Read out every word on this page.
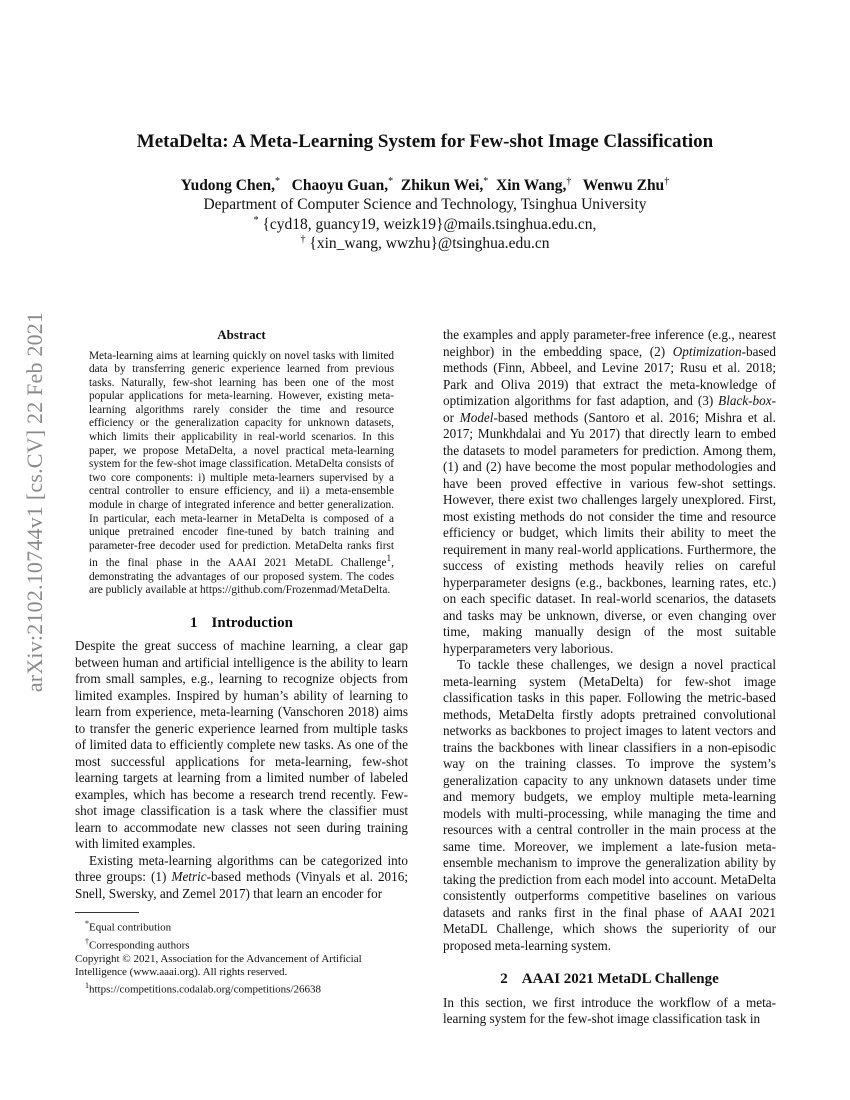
arXiv:2102.10744v1 [cs.CV] 22 Feb 2021
MetaDelta: A Meta-Learning System for Few-shot Image Classification
Yudong Chen,* Chaoyu Guan,* Zhikun Wei,* Xin Wang,† Wenwu Zhu†
Department of Computer Science and Technology, Tsinghua University
* {cyd18, guancy19, weizk19}@mails.tsinghua.edu.cn,
† {xin_wang, wwzhu}@tsinghua.edu.cn
Abstract

Meta-learning aims at learning quickly on novel tasks with limited data by transferring generic experience learned from previous tasks. Naturally, few-shot learning has been one of the most popular applications for meta-learning. However, existing meta-learning algorithms rarely consider the time and resource efficiency or the generalization capacity for unknown datasets, which limits their applicability in real-world scenarios. In this paper, we propose MetaDelta, a novel practical meta-learning system for the few-shot image classification. MetaDelta consists of two core components: i) multiple meta-learners supervised by a central controller to ensure efficiency, and ii) a meta-ensemble module in charge of integrated inference and better generalization. In particular, each meta-learner in MetaDelta is composed of a unique pretrained encoder fine-tuned by batch training and parameter-free decoder used for prediction. MetaDelta ranks first in the final phase in the AAAI 2021 MetaDL Challenge$^1$, demonstrating the advantages of our proposed system. The codes are publicly available at https://github.com/Frozenmad/MetaDelta.

1 Introduction

Despite the great success of machine learning, a clear gap between human and artificial intelligence is the ability to learn from small samples, e.g., learning to recognize objects from limited examples. Inspired by human’s ability of learning to learn from experience, meta-learning (Vanschoren 2018) aims to transfer the generic experience learned from multiple tasks of limited data to efficiently complete new tasks. As one of the most successful applications for meta-learning, few-shot learning targets at learning from a limited number of labeled examples, which has become a research trend recently. Few-shot image classification is a task where the classifier must learn to accommodate new classes not seen during training with limited examples.

Existing meta-learning algorithms can be categorized into three groups: (1) Metric-based methods (Vinyals et al. 2016; Snell, Swersky, and Zemel 2017) that learn an encoder for

*Equal contribution
†Corresponding authors
Copyright © 2021, Association for the Advancement of Artificial Intelligence (www.aaai.org). All rights reserved.
$^1$https://competitions.codalab.org/competitions/26638

the examples and apply parameter-free inference (e.g., nearest neighbor) in the embedding space, (2) Optimization-based methods (Finn, Abbeel, and Levine 2017; Rusu et al. 2018; Park and Oliva 2019) that extract the meta-knowledge of optimization algorithms for fast adaption, and (3) Black-box- or Model-based methods (Santoro et al. 2016; Mishra et al. 2017; Munkhdalai and Yu 2017) that directly learn to embed the datasets to model parameters for prediction. Among them, (1) and (2) have become the most popular methodologies and have been proved effective in various few-shot settings. However, there exist two challenges largely unexplored. First, most existing methods do not consider the time and resource efficiency or budget, which limits their ability to meet the requirement in many real-world applications. Furthermore, the success of existing methods heavily relies on careful hyperparameter designs (e.g., backbones, learning rates, etc.) on each specific dataset. In real-world scenarios, the datasets and tasks may be unknown, diverse, or even changing over time, making manually design of the most suitable hyperparameters very laborious.

To tackle these challenges, we design a novel practical meta-learning system (MetaDelta) for few-shot image classification tasks in this paper. Following the metric-based methods, MetaDelta firstly adopts pretrained convolutional networks as backbones to project images to latent vectors and trains the backbones with linear classifiers in a non-episodic way on the training classes. To improve the system’s generalization capacity to any unknown datasets under time and memory budgets, we employ multiple meta-learning models with multi-processing, while managing the time and resources with a central controller in the main process at the same time. Moreover, we implement a late-fusion meta-ensemble mechanism to improve the generalization ability by taking the prediction from each model into account. MetaDelta consistently outperforms competitive baselines on various datasets and ranks first in the final phase of AAAI 2021 MetaDL Challenge, which shows the superiority of our proposed meta-learning system.

2 AAAI 2021 MetaDL Challenge

In this section, we first introduce the workflow of a meta-learning system for the few-shot image classification task in
